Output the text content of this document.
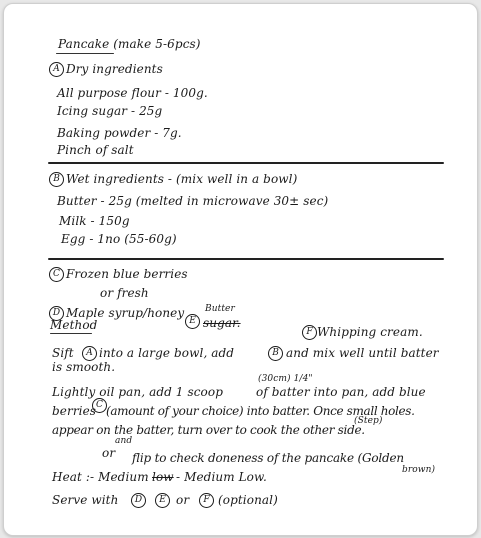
Pancake (make 5-6pcs)
A Dry ingredients
All purpose flour - 100g.
Icing sugar - 25g
Baking powder - 7g.
Pinch of salt
B Wet ingredients - (mix well in a bowl)
Butter - 25g (melted in microwave 30± sec)
Milk - 150g
Egg - 1no (55-60g)
C Frozen blue berries
or fresh
D Maple syrup/honey
E
Butter
sugar.
F Whipping cream.
Method
Sift	A into a large bowl, add	B and mix well until batter
is smooth.
(30cm) 1/4"
Lightly oil pan, add 1 scoop	of batter into pan, add blue
berries C (amount of your choice) into batter. Once small holes.
(Step)
appear on the batter, turn over to cook the other side.
and
or flip to check doneness of the pancake (Golden
brown)
Heat :- Medium low - Medium Low.
Serve with	D	E or	F (optional)
